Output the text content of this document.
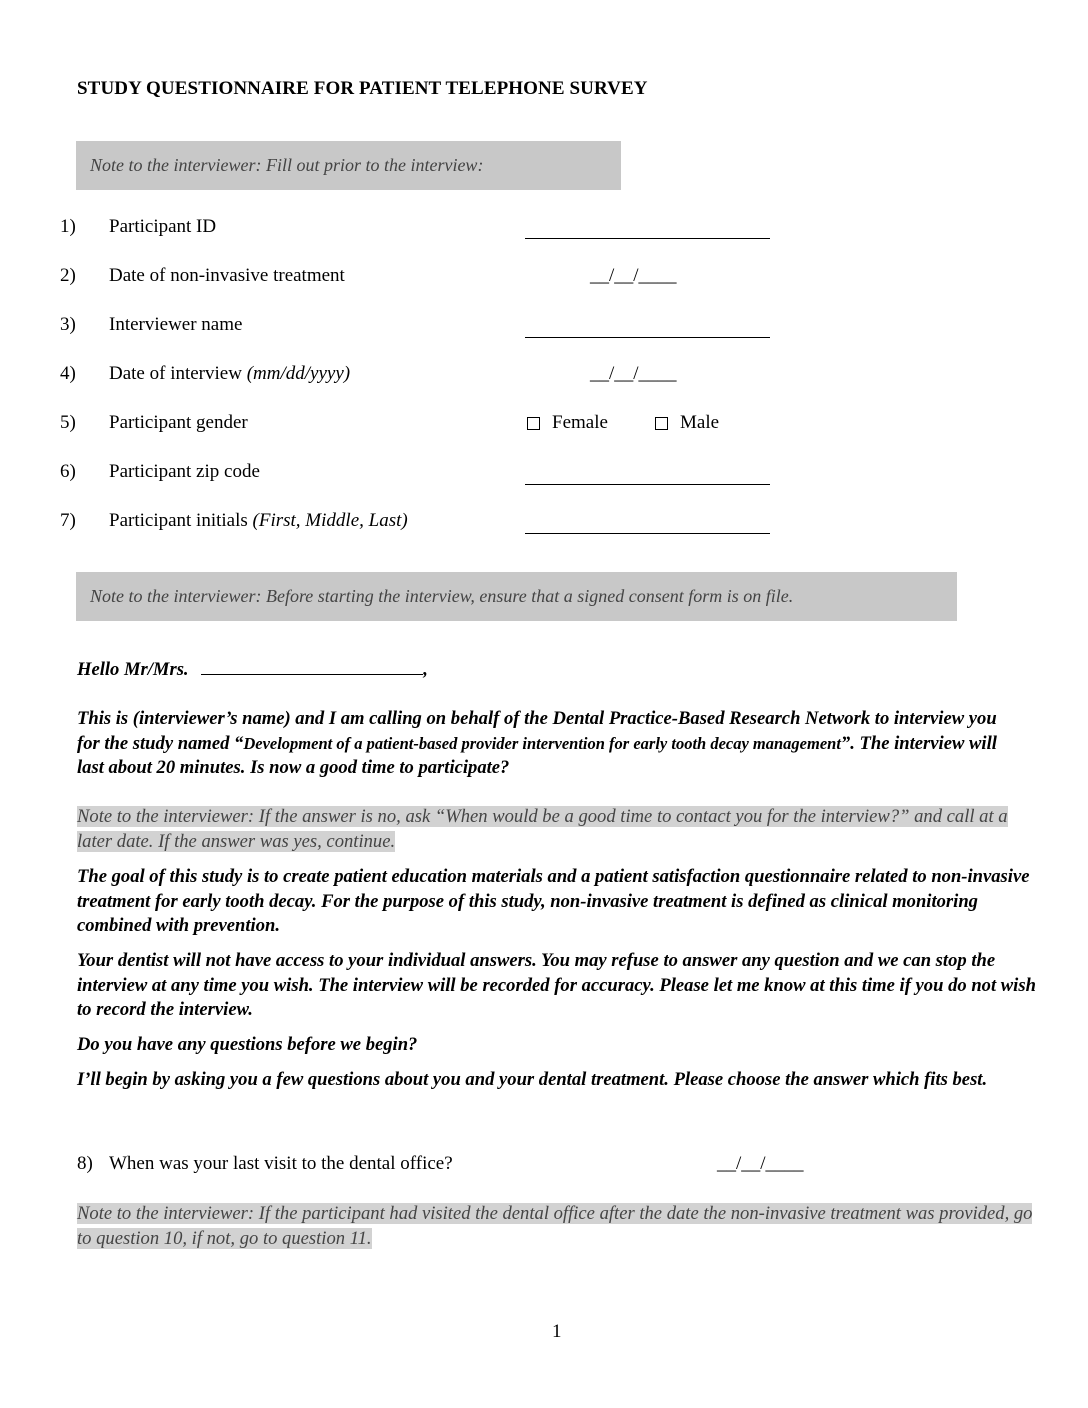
STUDY QUESTIONNAIRE FOR PATIENT TELEPHONE SURVEY
Note to the interviewer: Fill out prior to the interview:
1) Participant ID
2) Date of non-invasive treatment	__/__/____
3) Interviewer name
4) Date of interview (mm/dd/yyyy)	__/__/____
5) Participant gender	Female	Male
6) Participant zip code
7) Participant initials (First, Middle, Last)
Note to the interviewer: Before starting the interview, ensure that a signed consent form is on file.
Hello Mr/Mrs.	,
This is (interviewer’s name) and I am calling on behalf of the Dental Practice-Based Research Network to interview you for the study named “Development of a patient-based provider intervention for early tooth decay management”. The interview will last about 20 minutes. Is now a good time to participate?
Note to the interviewer: If the answer is no, ask “When would be a good time to contact you for the interview?” and call at a later date. If the answer was yes, continue.
The goal of this study is to create patient education materials and a patient satisfaction questionnaire related to non-invasive treatment for early tooth decay. For the purpose of this study, non-invasive treatment is defined as clinical monitoring combined with prevention.
Your dentist will not have access to your individual answers. You may refuse to answer any question and we can stop the interview at any time you wish. The interview will be recorded for accuracy. Please let me know at this time if you do not wish to record the interview.
Do you have any questions before we begin?
I’ll begin by asking you a few questions about you and your dental treatment. Please choose the answer which fits best.
8) When was your last visit to the dental office?	__/__/____
Note to the interviewer: If the participant had visited the dental office after the date the non-invasive treatment was provided, go to question 10, if not, go to question 11.
1
